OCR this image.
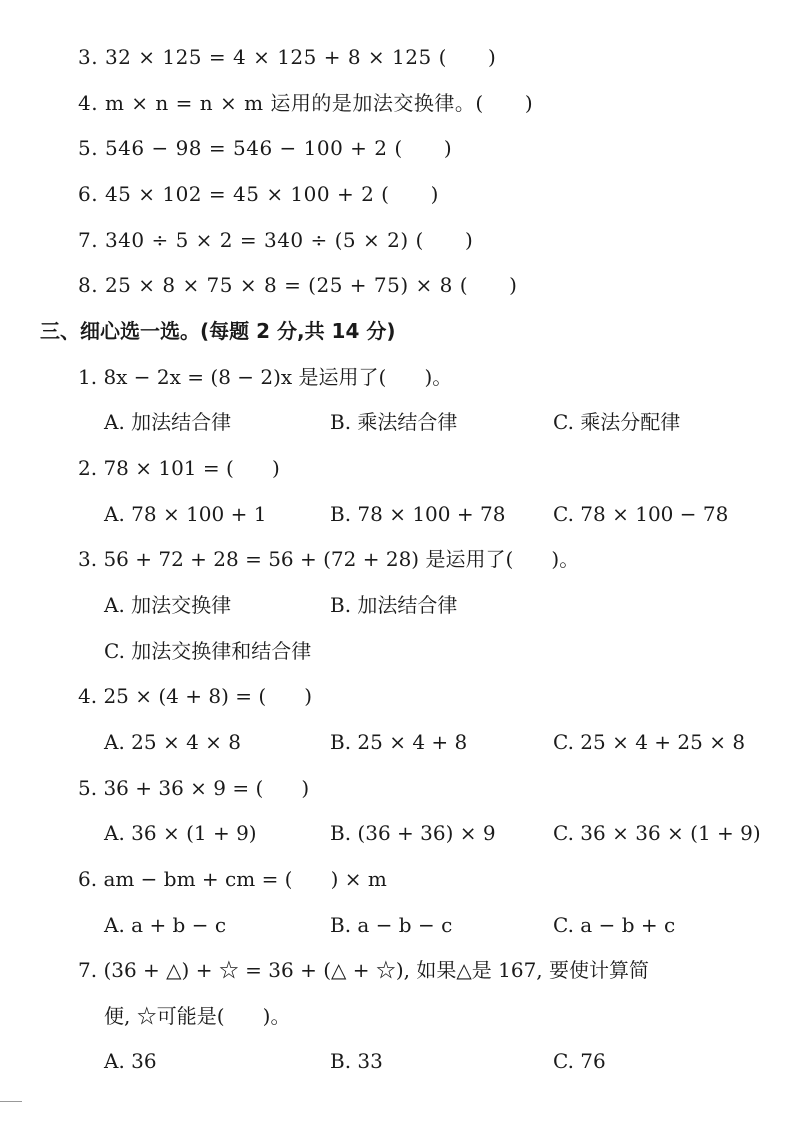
3. 32 × 125 = 4 × 125 + 8 × 125 (      )
4. m × n = n × m 运用的是加法交换律。(      )
5. 546 − 98 = 546 − 100 + 2 (      )
6. 45 × 102 = 45 × 100 + 2 (      )
7. 340 ÷ 5 × 2 = 340 ÷ (5 × 2) (      )
8. 25 × 8 × 75 × 8 = (25 + 75) × 8 (      )
三、细心选一选。(每题 2 分,共 14 分)
1. 8x − 2x = (8 − 2)x 是运用了(      )。
A. 加法结合律	B. 乘法结合律	C. 乘法分配律
2. 78 × 101 = (      )
A. 78 × 100 + 1	B. 78 × 100 + 78 C. 78 × 100 − 78
3. 56 + 72 + 28 = 56 + (72 + 28) 是运用了(      )。
A. 加法交换律	B. 加法结合律
C. 加法交换律和结合律
4. 25 × (4 + 8) = (      )
A. 25 × 4 × 8	B. 25 × 4 + 8	C. 25 × 4 + 25 × 8
5. 36 + 36 × 9 = (      )
A. 36 × (1 + 9)	B. (36 + 36) × 9	C. 36 × 36 × (1 + 9)
6. am − bm + cm = (      ) × m
A. a + b − c	B. a − b − c	C. a − b + c
7. (36 + △) + ☆ = 36 + (△ + ☆), 如果△是 167, 要使计算简
便, ☆可能是(      )。
A. 36	B. 33	C. 76
